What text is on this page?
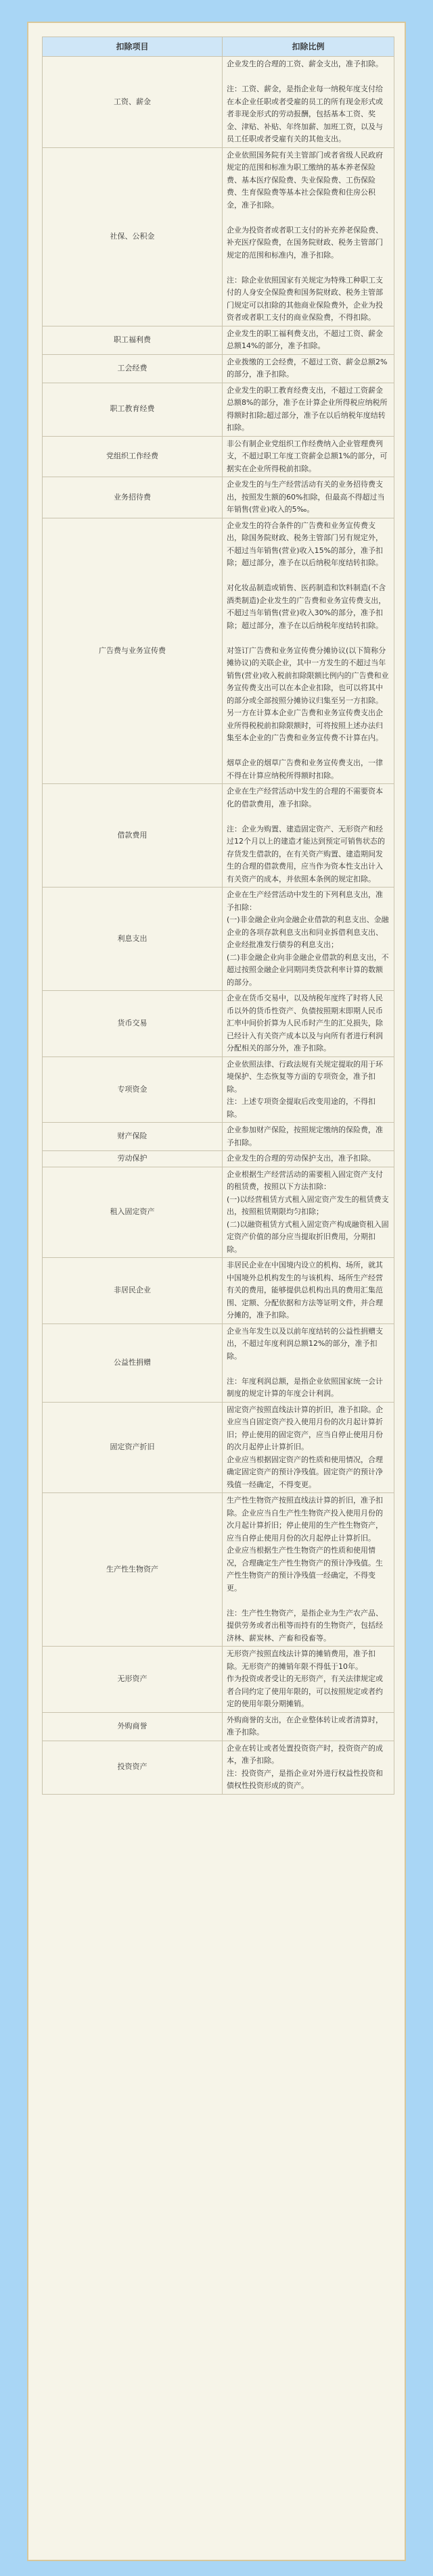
扣除项目	扣除比例
工资、薪金	企业发生的合理的工资、薪金支出，准予扣除。

注：工资、薪金，是指企业每一纳税年度支付给在本企业任职或者受雇的员工的所有现金形式或者非现金形式的劳动报酬，包括基本工资、奖金、津贴、补贴、年终加薪、加班工资，以及与员工任职或者受雇有关的其他支出。
社保、公积金	企业依照国务院有关主管部门或者省级人民政府规定的范围和标准为职工缴纳的基本养老保险费、基本医疗保险费、失业保险费、工伤保险费、生育保险费等基本社会保险费和住房公积金，准予扣除。

企业为投资者或者职工支付的补充养老保险费、补充医疗保险费，在国务院财政、税务主管部门规定的范围和标准内，准予扣除。

注：除企业依照国家有关规定为特殊工种职工支付的人身安全保险费和国务院财政、税务主管部门规定可以扣除的其他商业保险费外，企业为投资者或者职工支付的商业保险费，不得扣除。
职工福利费	企业发生的职工福利费支出，不超过工资、薪金总额14%的部分，准予扣除。
工会经费	企业拨缴的工会经费，不超过工资、薪金总额2%的部分，准予扣除。
职工教育经费	企业发生的职工教育经费支出，不超过工资薪金总额8%的部分，准予在计算企业所得税应纳税所得额时扣除;超过部分，准予在以后纳税年度结转扣除。
党组织工作经费	非公有制企业党组织工作经费纳入企业管理费列支，不超过职工年度工资薪金总额1%的部分，可据实在企业所得税前扣除。
业务招待费	企业发生的与生产经营活动有关的业务招待费支出，按照发生额的60%扣除，但最高不得超过当年销售(营业)收入的5‰。
广告费与业务宣传费	企业发生的符合条件的广告费和业务宣传费支出，除国务院财政、税务主管部门另有规定外，不超过当年销售(营业)收入15%的部分，准予扣除；超过部分，准予在以后纳税年度结转扣除。

对化妆品制造或销售、医药制造和饮料制造(不含酒类制造)企业发生的广告费和业务宣传费支出，不超过当年销售(营业)收入30%的部分，准予扣除；超过部分，准予在以后纳税年度结转扣除。

对签订广告费和业务宣传费分摊协议(以下简称分摊协议)的关联企业，其中一方发生的不超过当年销售(营业)收入税前扣除限额比例内的广告费和业务宣传费支出可以在本企业扣除，也可以将其中的部分或全部按照分摊协议归集至另一方扣除。另一方在计算本企业广告费和业务宣传费支出企业所得税税前扣除限额时，可将按照上述办法归集至本企业的广告费和业务宣传费不计算在内。

烟草企业的烟草广告费和业务宣传费支出，一律不得在计算应纳税所得额时扣除。
借款费用	企业在生产经营活动中发生的合理的不需要资本化的借款费用，准予扣除。

注：企业为购置、建造固定资产、无形资产和经过12个月以上的建造才能达到预定可销售状态的存货发生借款的，在有关资产购置、建造期间发生的合理的借款费用，应当作为资本性支出计入有关资产的成本，并依照本条例的规定扣除。
利息支出	企业在生产经营活动中发生的下列利息支出，准予扣除：
(一)非金融企业向金融企业借款的利息支出、金融企业的各项存款利息支出和同业拆借利息支出、企业经批准发行债券的利息支出；
(二)非金融企业向非金融企业借款的利息支出，不超过按照金融企业同期同类贷款利率计算的数额的部分。
货币交易	企业在货币交易中，以及纳税年度终了时将人民币以外的货币性资产、负债按照期末即期人民币汇率中间价折算为人民币时产生的汇兑损失，除已经计入有关资产成本以及与向所有者进行利润分配相关的部分外，准予扣除。
专项资金	企业依照法律、行政法规有关规定提取的用于环境保护、生态恢复等方面的专项资金，准予扣除。
注：上述专项资金提取后改变用途的，不得扣除。
财产保险	企业参加财产保险，按照规定缴纳的保险费，准予扣除。
劳动保护	企业发生的合理的劳动保护支出，准予扣除。
租入固定资产	企业根据生产经营活动的需要租入固定资产支付的租赁费，按照以下方法扣除：
(一)以经营租赁方式租入固定资产发生的租赁费支出，按照租赁期限均匀扣除；
(二)以融资租赁方式租入固定资产构成融资租入固定资产价值的部分应当提取折旧费用，分期扣除。
非居民企业	非居民企业在中国境内设立的机构、场所，就其中国境外总机构发生的与该机构、场所生产经营有关的费用，能够提供总机构出具的费用汇集范围、定额、分配依据和方法等证明文件，并合理分摊的，准予扣除。
公益性捐赠	企业当年发生以及以前年度结转的公益性捐赠支出，不超过年度利润总额12%的部分，准予扣除。

注：年度利润总额，是指企业依照国家统一会计制度的规定计算的年度会计利润。
固定资产折旧	固定资产按照直线法计算的折旧，准予扣除。企业应当自固定资产投入使用月份的次月起计算折旧；停止使用的固定资产，应当自停止使用月份的次月起停止计算折旧。
企业应当根据固定资产的性质和使用情况，合理确定固定资产的预计净残值。固定资产的预计净残值一经确定，不得变更。
生产性生物资产	生产性生物资产按照直线法计算的折旧，准予扣除。企业应当自生产性生物资产投入使用月份的次月起计算折旧；停止使用的生产性生物资产，应当自停止使用月份的次月起停止计算折旧。
企业应当根据生产性生物资产的性质和使用情况，合理确定生产性生物资产的预计净残值。生产性生物资产的预计净残值一经确定，不得变更。

注：生产性生物资产，是指企业为生产农产品、提供劳务或者出租等而持有的生物资产，包括经济林、薪炭林、产畜和役畜等。
无形资产	无形资产按照直线法计算的摊销费用，准予扣除。无形资产的摊销年限不得低于10年。
作为投资或者受让的无形资产，有关法律规定或者合同约定了使用年限的，可以按照规定或者约定的使用年限分期摊销。
外购商誉	外购商誉的支出，在企业整体转让或者清算时，准予扣除。
投资资产	企业在转让或者处置投资资产时，投资资产的成本，准予扣除。
注：投资资产，是指企业对外进行权益性投资和债权性投资形成的资产。
